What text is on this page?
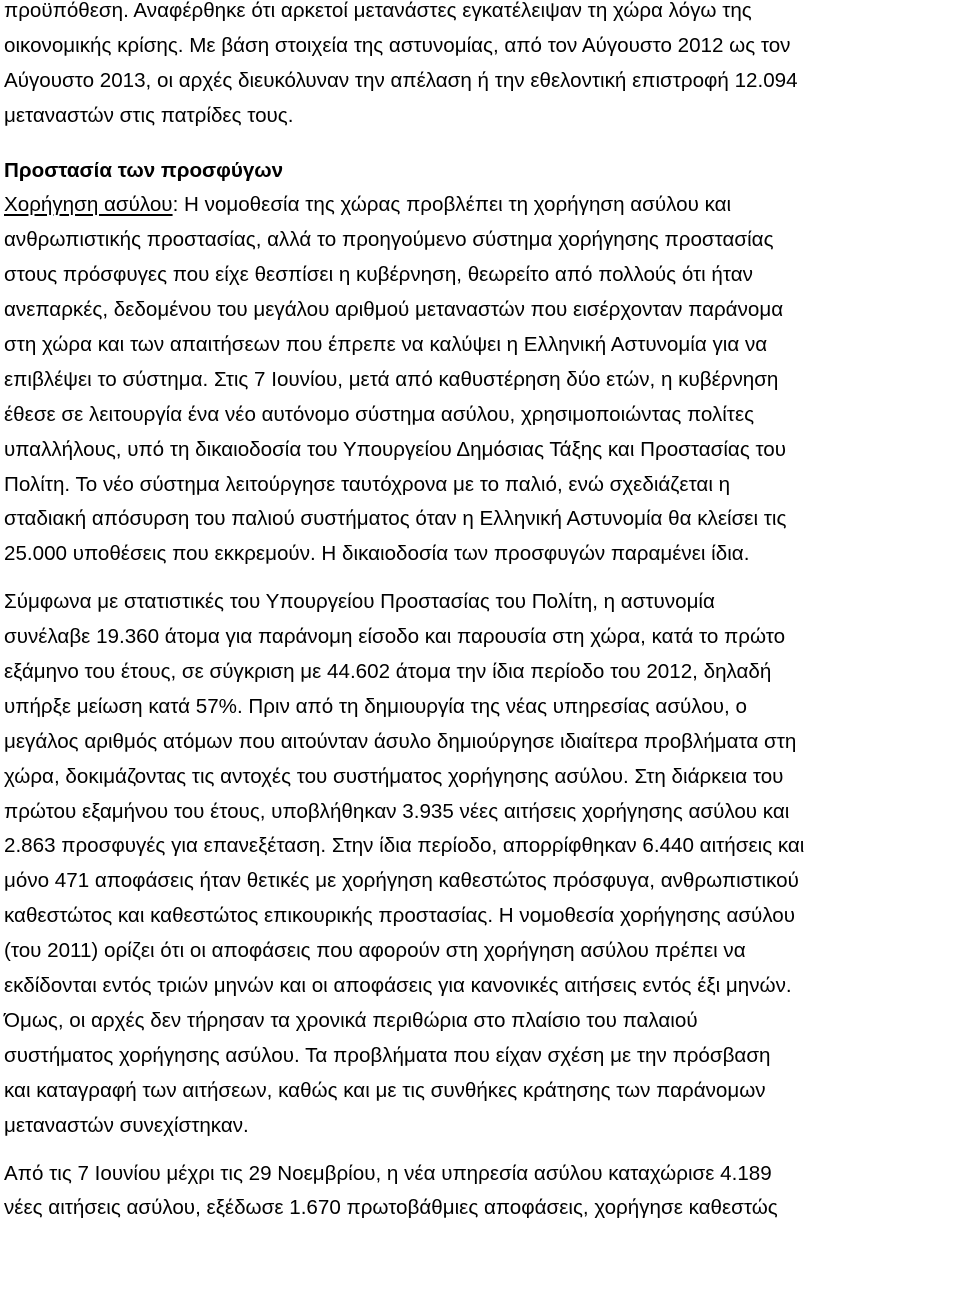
προϋπόθεση. Αναφέρθηκε ότι αρκετοί μετανάστες εγκατέλειψαν τη χώρα λόγω της
οικονομικής κρίσης. Με βάση στοιχεία της αστυνομίας, από τον Αύγουστο 2012 ως τον
Αύγουστο 2013, οι αρχές διευκόλυναν την απέλαση ή την εθελοντική επιστροφή 12.094
μεταναστών στις πατρίδες τους.
Προστασία των προσφύγων
Χορήγηση ασύλου: Η νομοθεσία της χώρας προβλέπει τη χορήγηση ασύλου και
ανθρωπιστικής προστασίας, αλλά το προηγούμενο σύστημα χορήγησης προστασίας
στους πρόσφυγες που είχε θεσπίσει η κυβέρνηση, θεωρείτο από πολλούς ότι ήταν
ανεπαρκές, δεδομένου του μεγάλου αριθμού μεταναστών που εισέρχονταν παράνομα
στη χώρα και των απαιτήσεων που έπρεπε να καλύψει η Ελληνική Αστυνομία για να
επιβλέψει το σύστημα. Στις 7 Ιουνίου, μετά από καθυστέρηση δύο ετών, η κυβέρνηση
έθεσε σε λειτουργία ένα νέο αυτόνομο σύστημα ασύλου, χρησιμοποιώντας πολίτες
υπαλλήλους, υπό τη δικαιοδοσία του Υπουργείου Δημόσιας Τάξης και Προστασίας του
Πολίτη. Το νέο σύστημα λειτούργησε ταυτόχρονα με το παλιό, ενώ σχεδιάζεται η
σταδιακή απόσυρση του παλιού συστήματος όταν η Ελληνική Αστυνομία θα κλείσει τις
25.000 υποθέσεις που εκκρεμούν. Η δικαιοδοσία των προσφυγών παραμένει ίδια.
Σύμφωνα με στατιστικές του Υπουργείου Προστασίας του Πολίτη, η αστυνομία
συνέλαβε 19.360 άτομα για παράνομη είσοδο και παρουσία στη χώρα, κατά το πρώτο
εξάμηνο του έτους, σε σύγκριση με 44.602 άτομα την ίδια περίοδο του 2012, δηλαδή
υπήρξε μείωση κατά 57%. Πριν από τη δημιουργία της νέας υπηρεσίας ασύλου, ο
μεγάλος αριθμός ατόμων που αιτούνταν άσυλο δημιούργησε ιδιαίτερα προβλήματα στη
χώρα, δοκιμάζοντας τις αντοχές του συστήματος χορήγησης ασύλου. Στη διάρκεια του
πρώτου εξαμήνου του έτους, υποβλήθηκαν 3.935 νέες αιτήσεις χορήγησης ασύλου και
2.863 προσφυγές για επανεξέταση. Στην ίδια περίοδο, απορρίφθηκαν 6.440 αιτήσεις και
μόνο 471 αποφάσεις ήταν θετικές με χορήγηση καθεστώτος πρόσφυγα, ανθρωπιστικού
καθεστώτος και καθεστώτος επικουρικής προστασίας. Η νομοθεσία χορήγησης ασύλου
(του 2011) ορίζει ότι οι αποφάσεις που αφορούν στη χορήγηση ασύλου πρέπει να
εκδίδονται εντός τριών μηνών και οι αποφάσεις για κανονικές αιτήσεις εντός έξι μηνών.
Όμως, οι αρχές δεν τήρησαν τα χρονικά περιθώρια στο πλαίσιο του παλαιού
συστήματος χορήγησης ασύλου. Τα προβλήματα που είχαν σχέση με την πρόσβαση
και καταγραφή των αιτήσεων, καθώς και με τις συνθήκες κράτησης των παράνομων
μεταναστών συνεχίστηκαν.
Από τις 7 Ιουνίου μέχρι τις 29 Νοεμβρίου, η νέα υπηρεσία ασύλου καταχώρισε 4.189
νέες αιτήσεις ασύλου, εξέδωσε 1.670 πρωτοβάθμιες αποφάσεις, χορήγησε καθεστώς
